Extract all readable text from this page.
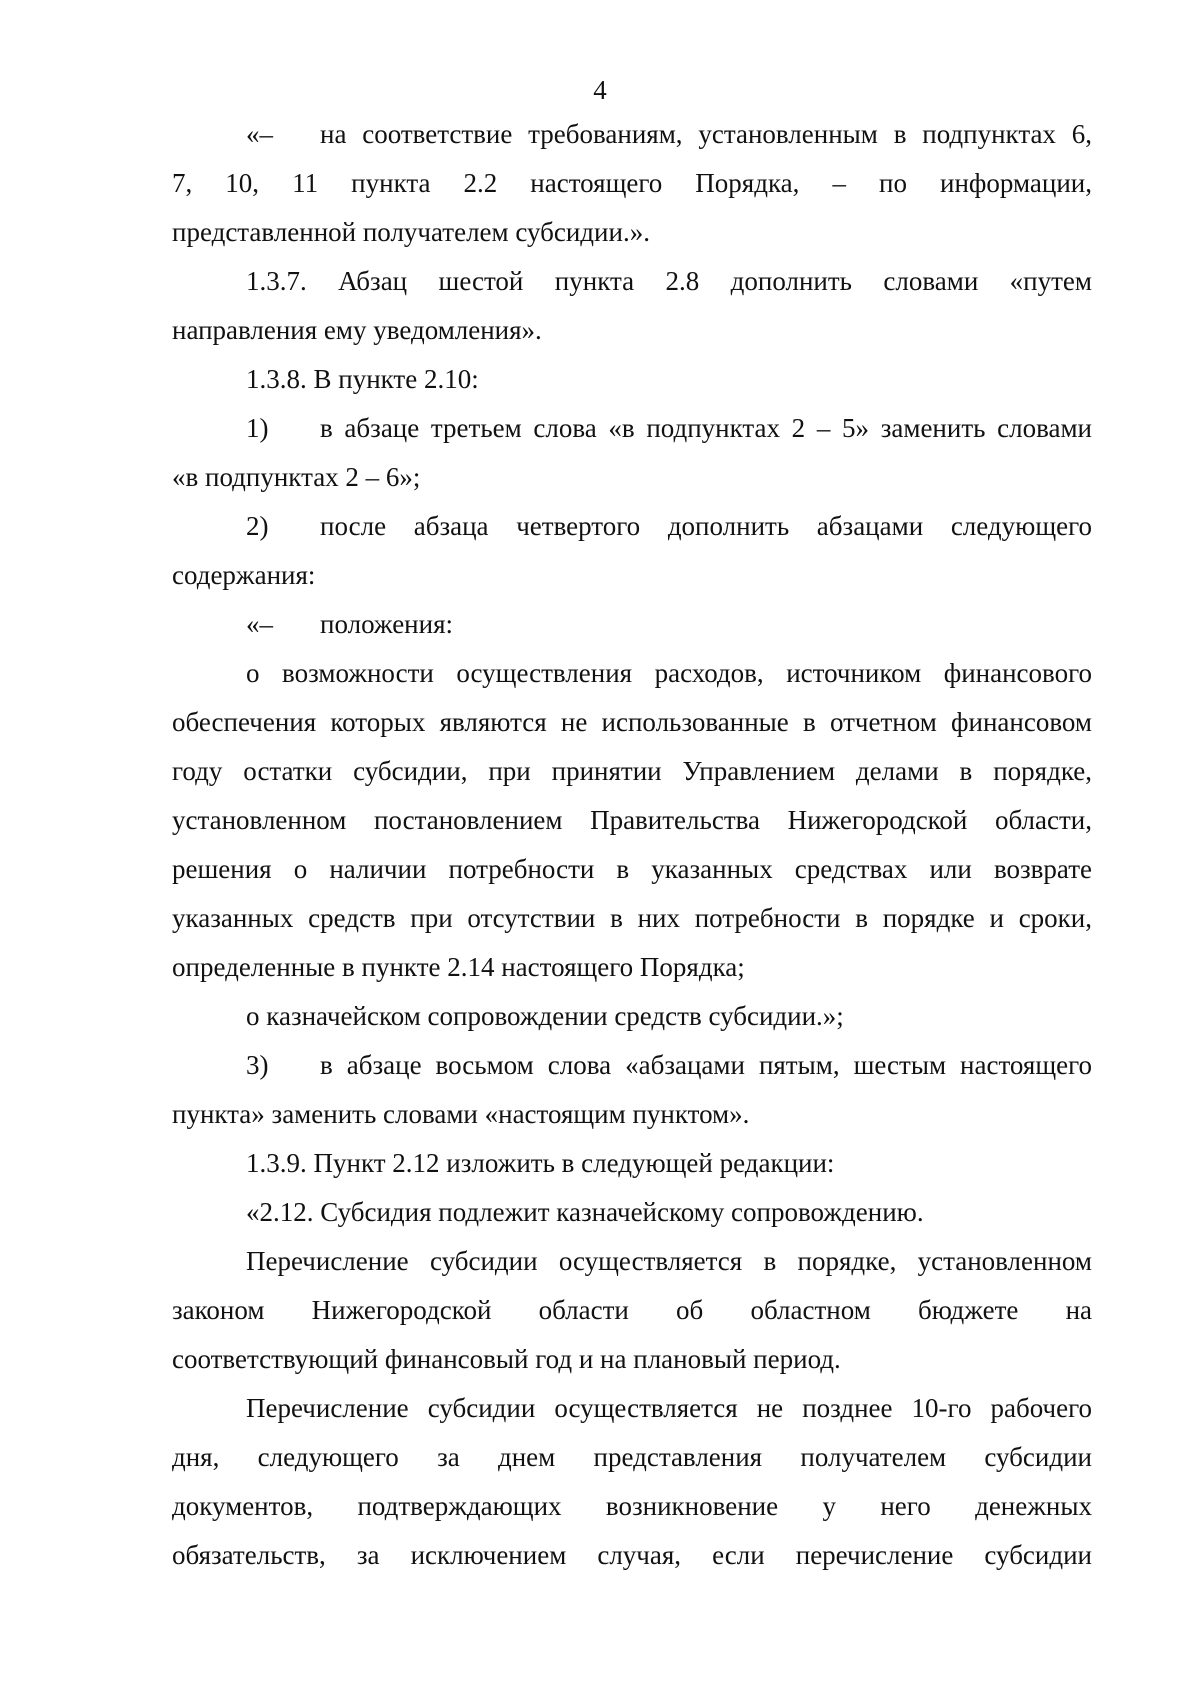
4
«–	на соответствие требованиям, установленным в подпунктах 6,
7, 10, 11 пункта 2.2 настоящего Порядка, – по информации,
представленной получателем субсидии.».
1.3.7. Абзац шестой пункта 2.8 дополнить словами «путем
направления ему уведомления».
1.3.8. В пункте 2.10:
1)	в абзаце третьем слова «в подпунктах 2 – 5» заменить словами
«в подпунктах 2 – 6»;
2)	после абзаца четвертого дополнить абзацами следующего
содержания:
«–	положения:
о возможности осуществления расходов, источником финансового
обеспечения которых являются не использованные в отчетном финансовом
году остатки субсидии, при принятии Управлением делами в порядке,
установленном постановлением Правительства Нижегородской области,
решения о наличии потребности в указанных средствах или возврате
указанных средств при отсутствии в них потребности в порядке и сроки,
определенные в пункте 2.14 настоящего Порядка;
о казначейском сопровождении средств субсидии.»;
3)	в абзаце восьмом слова «абзацами пятым, шестым настоящего
пункта» заменить словами «настоящим пунктом».
1.3.9. Пункт 2.12 изложить в следующей редакции:
«2.12. Субсидия подлежит казначейскому сопровождению.
Перечисление субсидии осуществляется в порядке, установленном
законом Нижегородской области об областном бюджете на
соответствующий финансовый год и на плановый период.
Перечисление субсидии осуществляется не позднее 10-го рабочего
дня, следующего за днем представления получателем субсидии
документов, подтверждающих возникновение у него денежных
обязательств, за исключением случая, если перечисление субсидии
